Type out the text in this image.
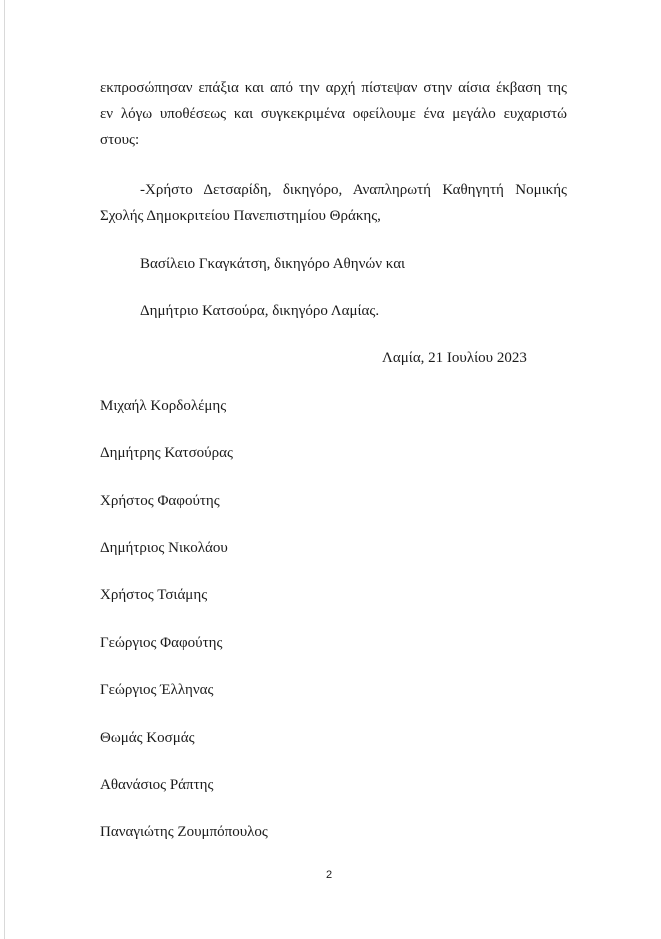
εκπροσώπησαν επάξια και από την αρχή πίστεψαν στην αίσια έκβαση της
εν λόγω υποθέσεως και συγκεκριμένα οφείλουμε ένα μεγάλο ευχαριστώ
στους:
-Χρήστο Δετσαρίδη, δικηγόρο, Αναπληρωτή Καθηγητή Νομικής
Σχολής Δημοκριτείου Πανεπιστημίου Θράκης,
Βασίλειο Γκαγκάτση, δικηγόρο Αθηνών και
Δημήτριο Κατσούρα, δικηγόρο Λαμίας.
Λαμία, 21 Ιουλίου 2023
Μιχαήλ Κορδολέμης
Δημήτρης Κατσούρας
Χρήστος Φαφούτης
Δημήτριος Νικολάου
Χρήστος Τσιάμης
Γεώργιος Φαφούτης
Γεώργιος Έλληνας
Θωμάς Κοσμάς
Αθανάσιος Ράπτης
Παναγιώτης Ζουμπόπουλος
2
